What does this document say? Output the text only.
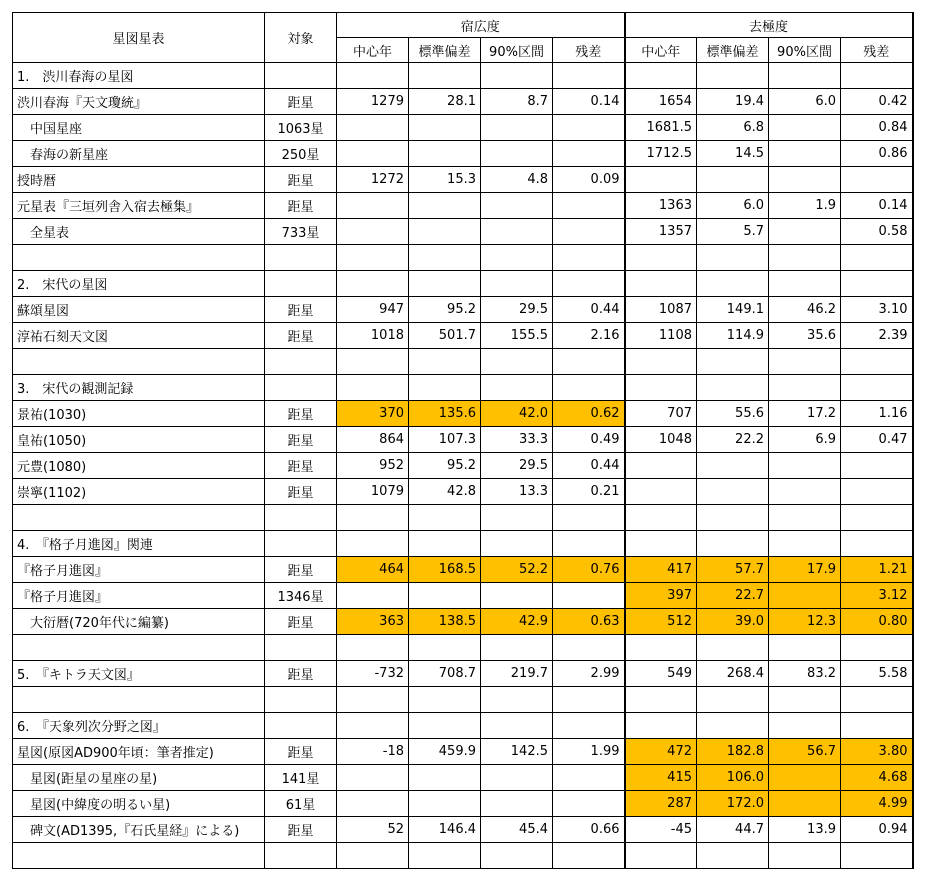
星図星表	対象	宿広度				去極度			
		中心年	標準偏差	90%区間	残差	中心年	標準偏差	90%区間	残差
1.　渋川春海の星図									
渋川春海『天文瓊統』	距星	1279	28.1	8.7	0.14	1654	19.4	6.0	0.42
　中国星座	1063星					1681.5	6.8		0.84
　春海の新星座	250星					1712.5	14.5		0.86
授時暦	距星	1272	15.3	4.8	0.09				
元星表『三垣列舎入宿去極集』	距星					1363	6.0	1.9	0.14
　全星表	733星					1357	5.7		0.58

2.　宋代の星図									
蘇頌星図	距星	947	95.2	29.5	0.44	1087	149.1	46.2	3.10
淳祐石刻天文図	距星	1018	501.7	155.5	2.16	1108	114.9	35.6	2.39

3.　宋代の観測記録									
景祐(1030)	距星	370	135.6	42.0	0.62	707	55.6	17.2	1.16
皇祐(1050)	距星	864	107.3	33.3	0.49	1048	22.2	6.9	0.47
元豊(1080)	距星	952	95.2	29.5	0.44				
崇寧(1102)	距星	1079	42.8	13.3	0.21				

4.　『格子月進図』関連									
『格子月進図』	距星	464	168.5	52.2	0.76	417	57.7	17.9	1.21
『格子月進図』	1346星					397	22.7		3.12
　大衍暦(720年代に編纂)	距星	363	138.5	42.9	0.63	512	39.0	12.3	0.80

5.　『キトラ天文図』	距星	-732	708.7	219.7	2.99	549	268.4	83.2	5.58

6.　『天象列次分野之図』									
星図(原図AD900年頃：筆者推定)	距星	-18	459.9	142.5	1.99	472	182.8	56.7	3.80
　星図(距星の星座の星)	141星					415	106.0		4.68
　星図(中緯度の明るい星)	61星					287	172.0		4.99
　碑文(AD1395,『石氏星経』による)	距星	52	146.4	45.4	0.66	-45	44.7	13.9	0.94
